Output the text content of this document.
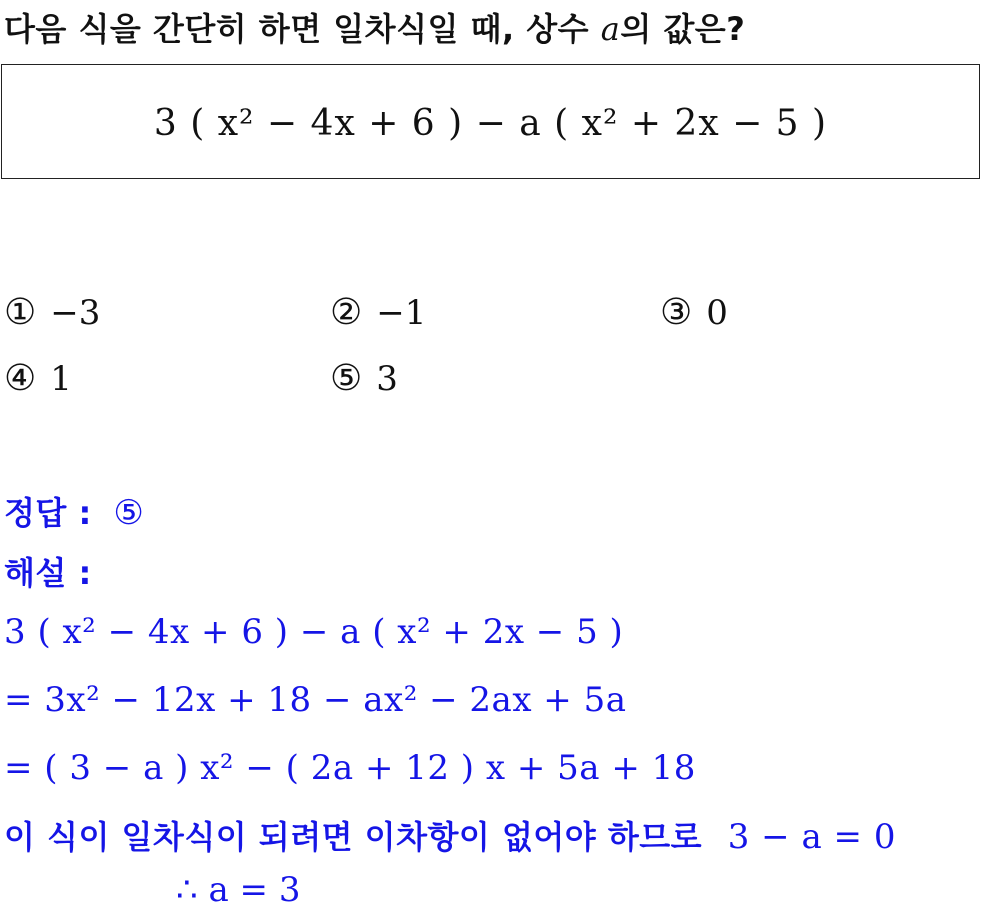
다음 식을 간단히 하면 일차식일 때, 상수 a의 값은?
3 ( x² − 4x + 6 ) − a ( x² + 2x − 5 )
① −3	② −1	③ 0
④ 1	⑤ 3
정답 : ⑤
해설 :
3 ( x² − 4x + 6 ) − a ( x² + 2x − 5 )
= 3x² − 12x + 18 − ax² − 2ax + 5a
= ( 3 − a ) x² − ( 2a + 12 ) x + 5a + 18
이 식이 일차식이 되려면 이차항이 없어야 하므로 3 − a = 0
∴ a = 3
